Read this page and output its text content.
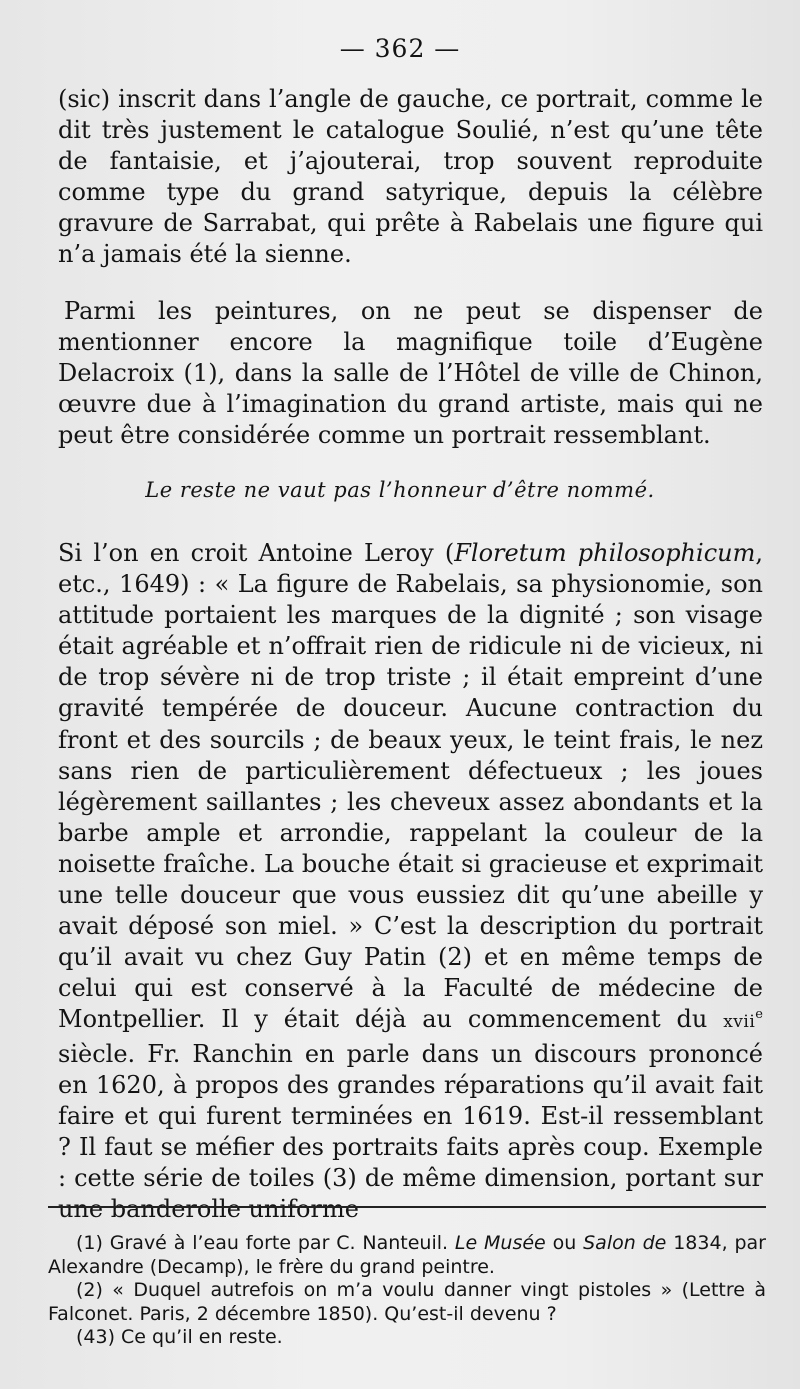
— 362 —

(sic) inscrit dans l’angle de gauche, ce portrait, comme le dit très justement le catalogue Soulié, n’est qu’une tête de fantaisie, et j’ajouterai, trop souvent reproduite comme type du grand satyrique, depuis la célèbre gravure de Sarrabat, qui prête à Rabelais une figure qui n’a jamais été la sienne.

Parmi les peintures, on ne peut se dispenser de mentionner encore la magnifique toile d’Eugène Delacroix (1), dans la salle de l’Hôtel de ville de Chinon, œuvre due à l’imagination du grand artiste, mais qui ne peut être considérée comme un portrait ressemblant.

Le reste ne vaut pas l’honneur d’être nommé.

Si l’on en croit Antoine Leroy (Floretum philosophicum, etc., 1649) : « La figure de Rabelais, sa physionomie, son attitude portaient les marques de la dignité ; son visage était agréable et n’offrait rien de ridicule ni de vicieux, ni de trop sévère ni de trop triste ; il était empreint d’une gravité tempérée de douceur. Aucune contraction du front et des sourcils ; de beaux yeux, le teint frais, le nez sans rien de particulièrement défectueux ; les joues légèrement saillantes ; les cheveux assez abondants et la barbe ample et arrondie, rappelant la couleur de la noisette fraîche. La bouche était si gracieuse et exprimait une telle douceur que vous eussiez dit qu’une abeille y avait déposé son miel. » C’est la description du portrait qu’il avait vu chez Guy Patin (2) et en même temps de celui qui est conservé à la Faculté de médecine de Montpellier. Il y était déjà au commencement du xvii$^e$ siècle. Fr. Ranchin en parle dans un discours prononcé en 1620, à propos des grandes réparations qu’il avait fait faire et qui furent terminées en 1619. Est-il ressemblant ? Il faut se méfier des portraits faits après coup. Exemple : cette série de toiles (3) de même dimension, portant sur une banderolle uniforme

(1) Gravé à l’eau forte par C. Nanteuil. Le Musée ou Salon de 1834, par Alexandre (Decamp), le frère du grand peintre.

(2) « Duquel autrefois on m’a voulu danner vingt pistoles » (Lettre à Falconet. Paris, 2 décembre 1850). Qu’est-il devenu ?

(43) Ce qu’il en reste.
